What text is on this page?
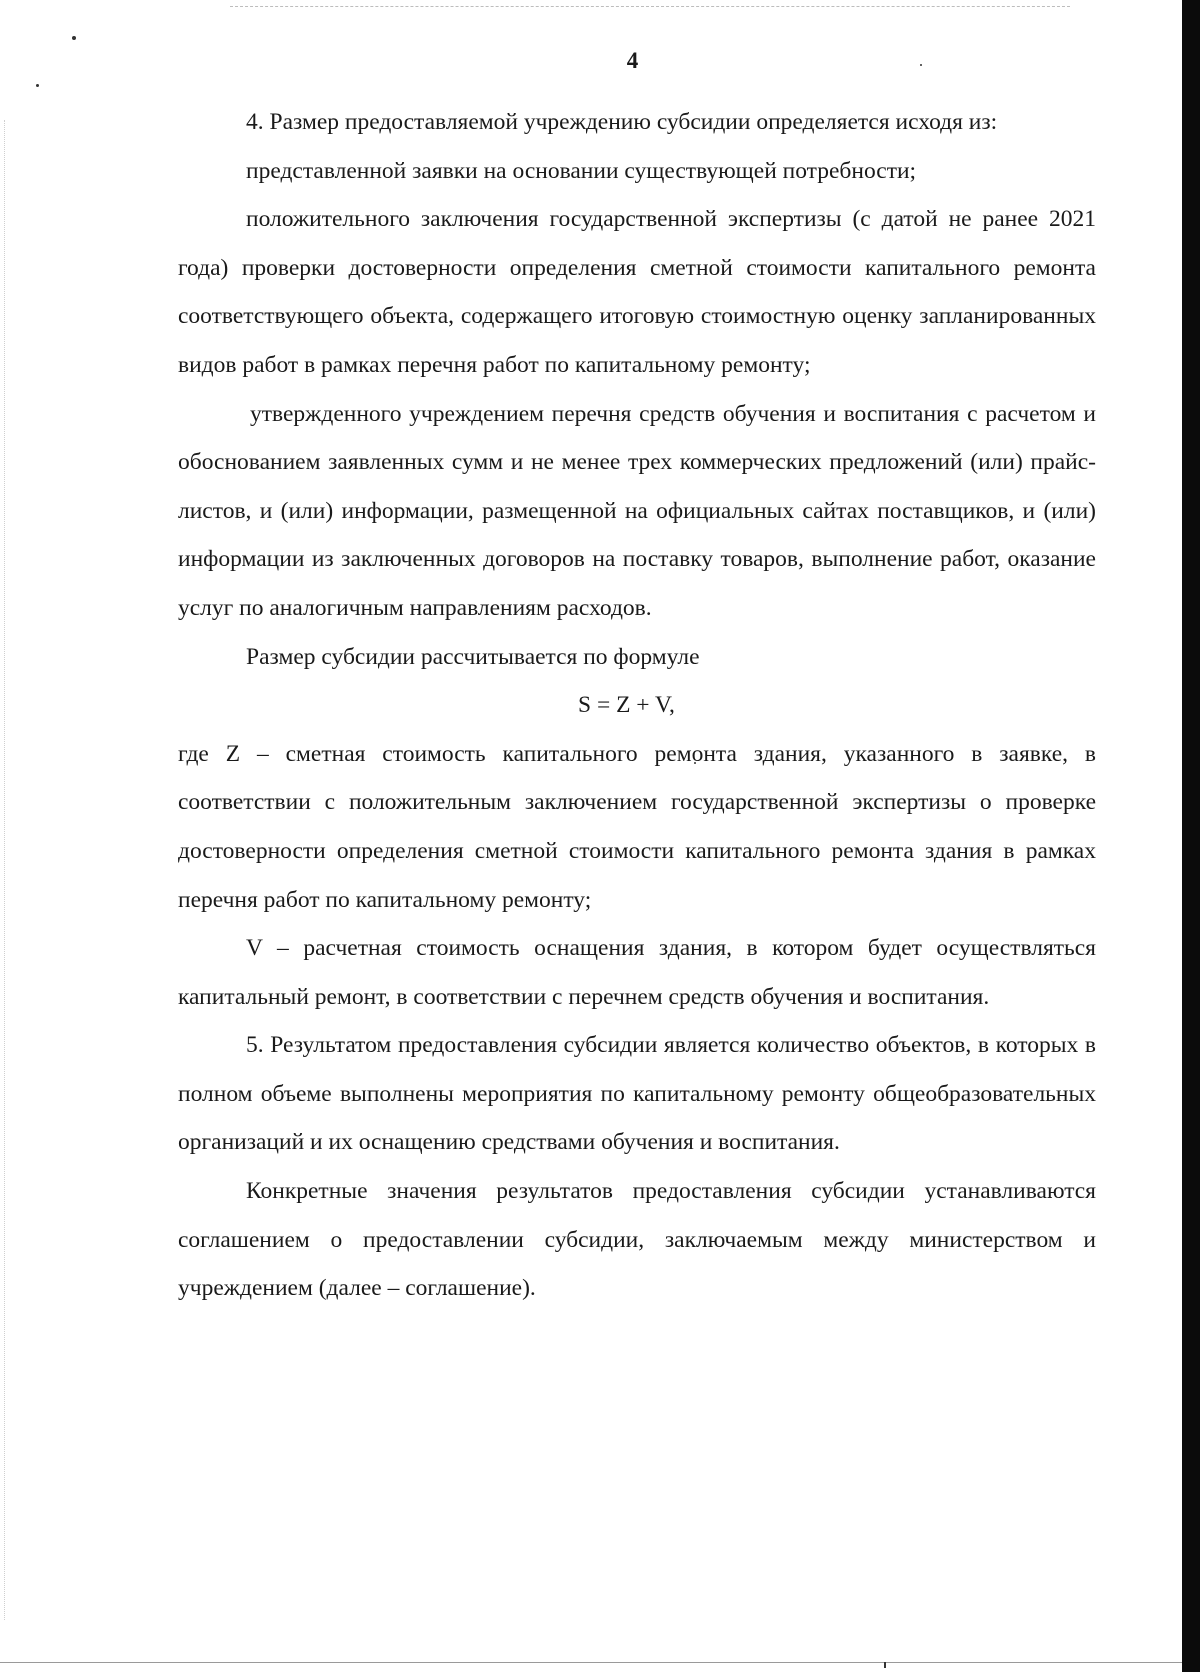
4

4. Размер предоставляемой учреждению субсидии определяется исходя из:

представленной заявки на основании существующей потребности;

положительного заключения государственной экспертизы (с датой не ранее 2021 года) проверки достоверности определения сметной стоимости капитального ремонта соответствующего объекта, содержащего итоговую стоимостную оценку запланированных видов работ в рамках перечня работ по капитальному ремонту;

утвержденного учреждением перечня средств обучения и воспитания с расчетом и обоснованием заявленных сумм и не менее трех коммерческих предложений (или) прайс-листов, и (или) информации, размещенной на официальных сайтах поставщиков, и (или) информации из заключенных договоров на поставку товаров, выполнение работ, оказание услуг по аналогичным направлениям расходов.

Размер субсидии рассчитывается по формуле

S = Z + V,

где Z – сметная стоимость капитального ремонта здания, указанного в заявке, в соответствии с положительным заключением государственной экспертизы о проверке достоверности определения сметной стоимости капитального ремонта здания в рамках перечня работ по капитальному ремонту;

V – расчетная стоимость оснащения здания, в котором будет осуществляться капитальный ремонт, в соответствии с перечнем средств обучения и воспитания.

5. Результатом предоставления субсидии является количество объектов, в которых в полном объеме выполнены мероприятия по капитальному ремонту общеобразовательных организаций и их оснащению средствами обучения и воспитания.

Конкретные значения результатов предоставления субсидии устанавливаются соглашением о предоставлении субсидии, заключаемым между министерством и учреждением (далее – соглашение).
